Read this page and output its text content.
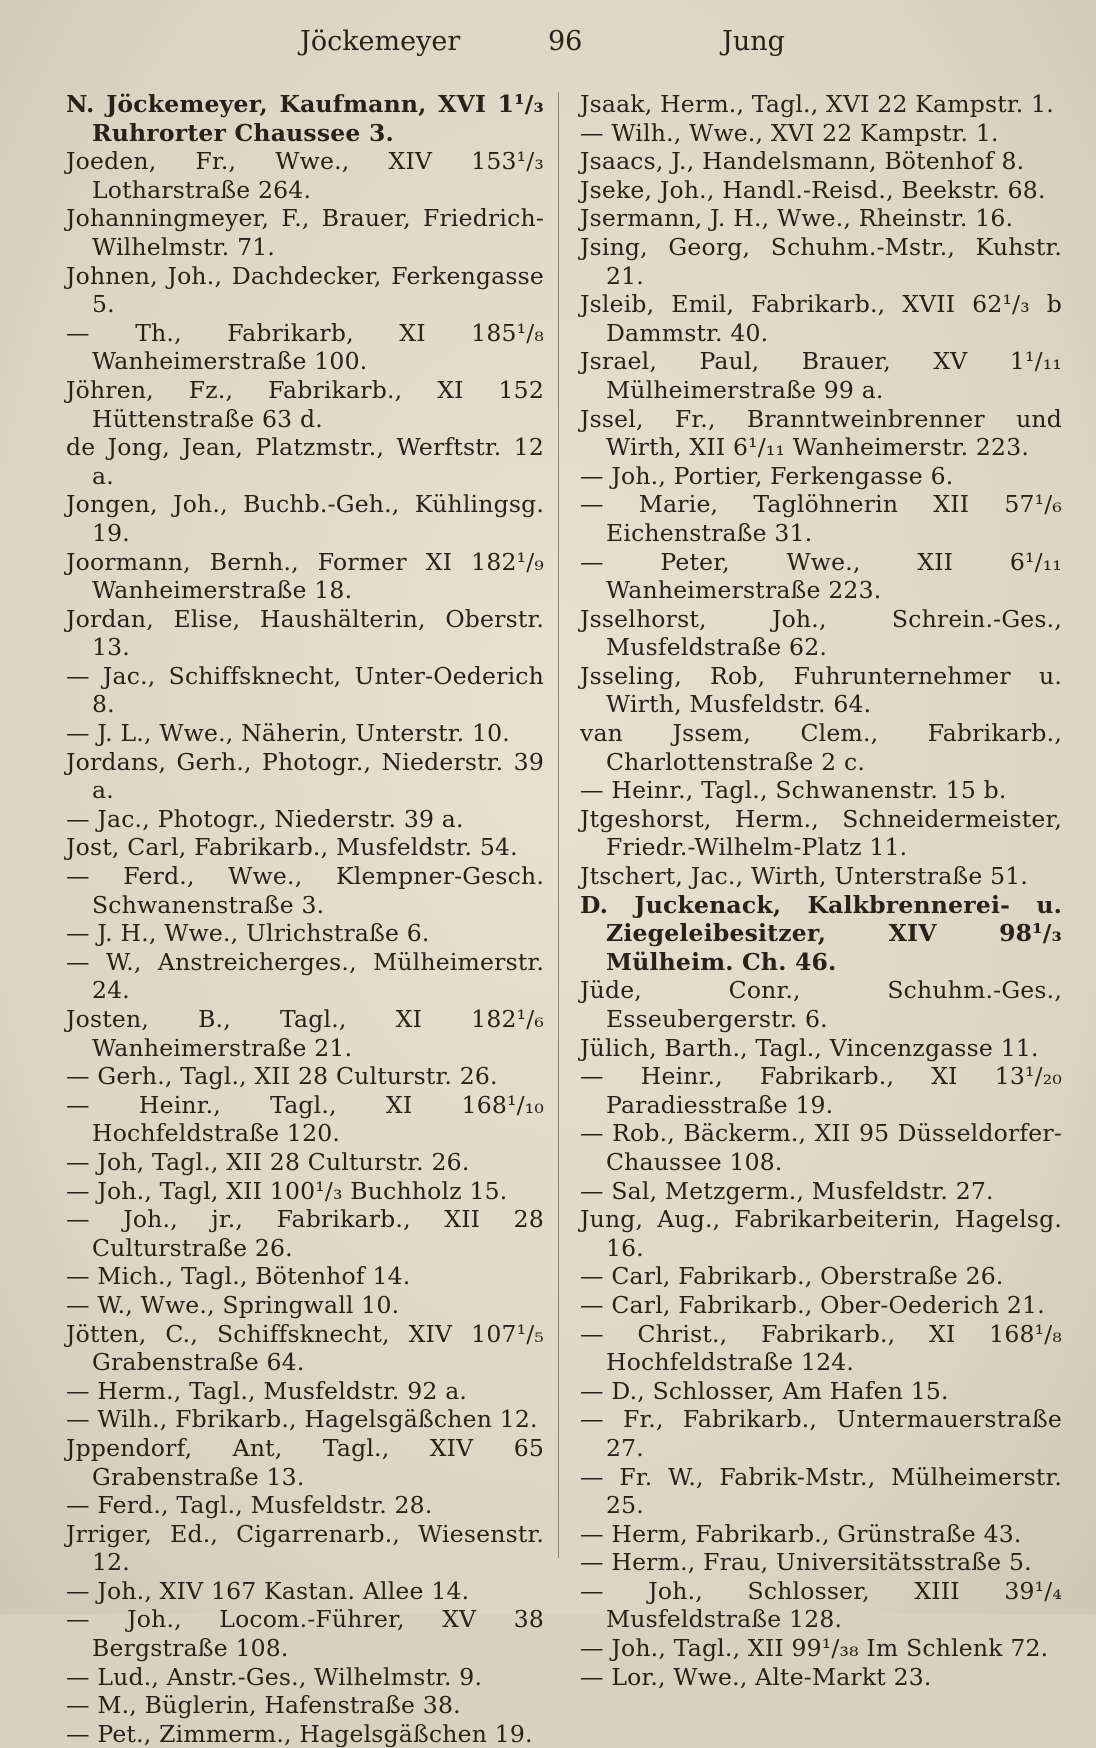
Jöckemeyer	96	Jung
N. Jöckemeyer, Kaufmann, XVI 1¹/₃ Ruhrorter Chaussee 3.
Joeden, Fr., Wwe., XIV 153¹/₃ Lotharstraße 264.
Johanningmeyer, F., Brauer, Friedrich-Wilhelmstr. 71.
Johnen, Joh., Dachdecker, Ferkengasse 5.
— Th., Fabrikarb, XI 185¹/₈ Wanheimerstraße 100.
Jöhren, Fz., Fabrikarb., XI 152 Hüttenstraße 63 d.
de Jong, Jean, Platzmstr., Werftstr. 12 a.
Jongen, Joh., Buchb.-Geh., Kühlingsg. 19.
Joormann, Bernh., Former XI 182¹/₉ Wanheimerstraße 18.
Jordan, Elise, Haushälterin, Oberstr. 13.
— Jac., Schiffsknecht, Unter-Oederich 8.
— J. L., Wwe., Näherin, Unterstr. 10.
Jordans, Gerh., Photogr., Niederstr. 39 a.
— Jac., Photogr., Niederstr. 39 a.
Jost, Carl, Fabrikarb., Musfeldstr. 54.
— Ferd., Wwe., Klempner-Gesch. Schwanenstraße 3.
— J. H., Wwe., Ulrichstraße 6.
— W., Anstreicherges., Mülheimerstr. 24.
Josten, B., Tagl., XI 182¹/₆ Wanheimerstraße 21.
— Gerh., Tagl., XII 28 Culturstr. 26.
— Heinr., Tagl., XI 168¹/₁₀ Hochfeldstraße 120.
— Joh, Tagl., XII 28 Culturstr. 26.
— Joh., Tagl, XII 100¹/₃ Buchholz 15.
— Joh., jr., Fabrikarb., XII 28 Culturstraße 26.
— Mich., Tagl., Bötenhof 14.
— W., Wwe., Springwall 10.
Jötten, C., Schiffsknecht, XIV 107¹/₅ Grabenstraße 64.
— Herm., Tagl., Musfeldstr. 92 a.
— Wilh., Fbrikarb., Hagelsgäßchen 12.
Jppendorf, Ant, Tagl., XIV 65 Grabenstraße 13.
— Ferd., Tagl., Musfeldstr. 28.
Jrriger, Ed., Cigarrenarb., Wiesenstr. 12.
— Joh., XIV 167 Kastan. Allee 14.
— Joh., Locom.-Führer, XV 38 Bergstraße 108.
— Lud., Anstr.-Ges., Wilhelmstr. 9.
— M., Büglerin, Hafenstraße 38.
— Pet., Zimmerm., Hagelsgäßchen 19.
Jsaak, Herm., Tagl., XVI 22 Kampstr. 1.
— Wilh., Wwe., XVI 22 Kampstr. 1.
Jsaacs, J., Handelsmann, Bötenhof 8.
Jseke, Joh., Handl.-Reisd., Beekstr. 68.
Jsermann, J. H., Wwe., Rheinstr. 16.
Jsing, Georg, Schuhm.-Mstr., Kuhstr. 21.
Jsleib, Emil, Fabrikarb., XVII 62¹/₃ b Dammstr. 40.
Jsrael, Paul, Brauer, XV 1¹/₁₁ Mülheimerstraße 99 a.
Jssel, Fr., Branntweinbrenner und Wirth, XII 6¹/₁₁ Wanheimerstr. 223.
— Joh., Portier, Ferkengasse 6.
— Marie, Taglöhnerin XII 57¹/₆ Eichenstraße 31.
— Peter, Wwe., XII 6¹/₁₁ Wanheimerstraße 223.
Jsselhorst, Joh., Schrein.-Ges., Musfeldstraße 62.
Jsseling, Rob, Fuhrunternehmer u. Wirth, Musfeldstr. 64.
van Jssem, Clem., Fabrikarb., Charlottenstraße 2 c.
— Heinr., Tagl., Schwanenstr. 15 b.
Jtgeshorst, Herm., Schneidermeister, Friedr.-Wilhelm-Platz 11.
Jtschert, Jac., Wirth, Unterstraße 51.
D. Juckenack, Kalkbrennerei- u. Ziegeleibesitzer, XIV 98¹/₃ Mülheim. Ch. 46.
Jüde, Conr., Schuhm.-Ges., Esseubergerstr. 6.
Jülich, Barth., Tagl., Vincenzgasse 11.
— Heinr., Fabrikarb., XI 13¹/₂₀ Paradiesstraße 19.
— Rob., Bäckerm., XII 95 Düsseldorfer-Chaussee 108.
— Sal, Metzgerm., Musfeldstr. 27.
Jung, Aug., Fabrikarbeiterin, Hagelsg. 16.
— Carl, Fabrikarb., Oberstraße 26.
— Carl, Fabrikarb., Ober-Oederich 21.
— Christ., Fabrikarb., XI 168¹/₈ Hochfeldstraße 124.
— D., Schlosser, Am Hafen 15.
— Fr., Fabrikarb., Untermauerstraße 27.
— Fr. W., Fabrik-Mstr., Mülheimerstr. 25.
— Herm, Fabrikarb., Grünstraße 43.
— Herm., Frau, Universitätsstraße 5.
— Joh., Schlosser, XIII 39¹/₄ Musfeldstraße 128.
— Joh., Tagl., XII 99¹/₃₈ Im Schlenk 72.
— Lor., Wwe., Alte-Markt 23.
